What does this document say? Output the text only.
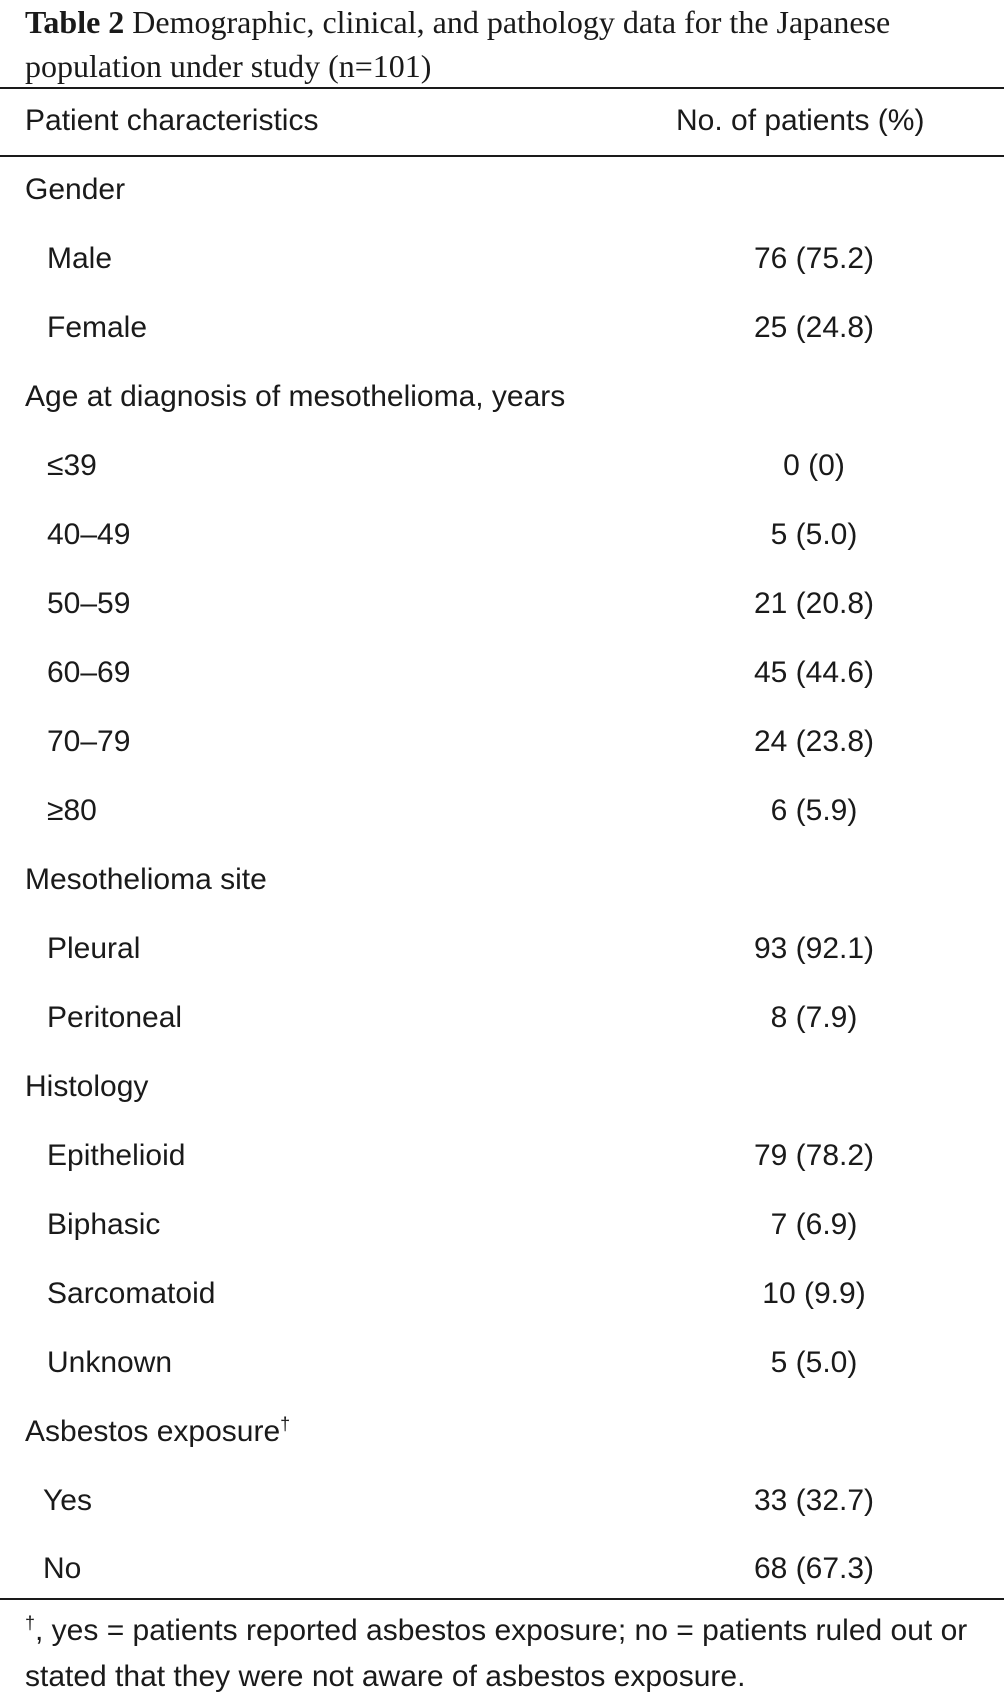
Table 2 Demographic, clinical, and pathology data for the Japanese population under study (n=101)
Patient characteristics	No. of patients (%)
Gender
Male	76 (75.2)
Female	25 (24.8)
Age at diagnosis of mesothelioma, years
≤39	0 (0)
40–49	5 (5.0)
50–59	21 (20.8)
60–69	45 (44.6)
70–79	24 (23.8)
≥80	6 (5.9)
Mesothelioma site
Pleural	93 (92.1)
Peritoneal	8 (7.9)
Histology
Epithelioid	79 (78.2)
Biphasic	7 (6.9)
Sarcomatoid	10 (9.9)
Unknown	5 (5.0)
Asbestos exposure†
Yes	33 (32.7)
No	68 (67.3)
†, yes = patients reported asbestos exposure; no = patients ruled out or stated that they were not aware of asbestos exposure.
